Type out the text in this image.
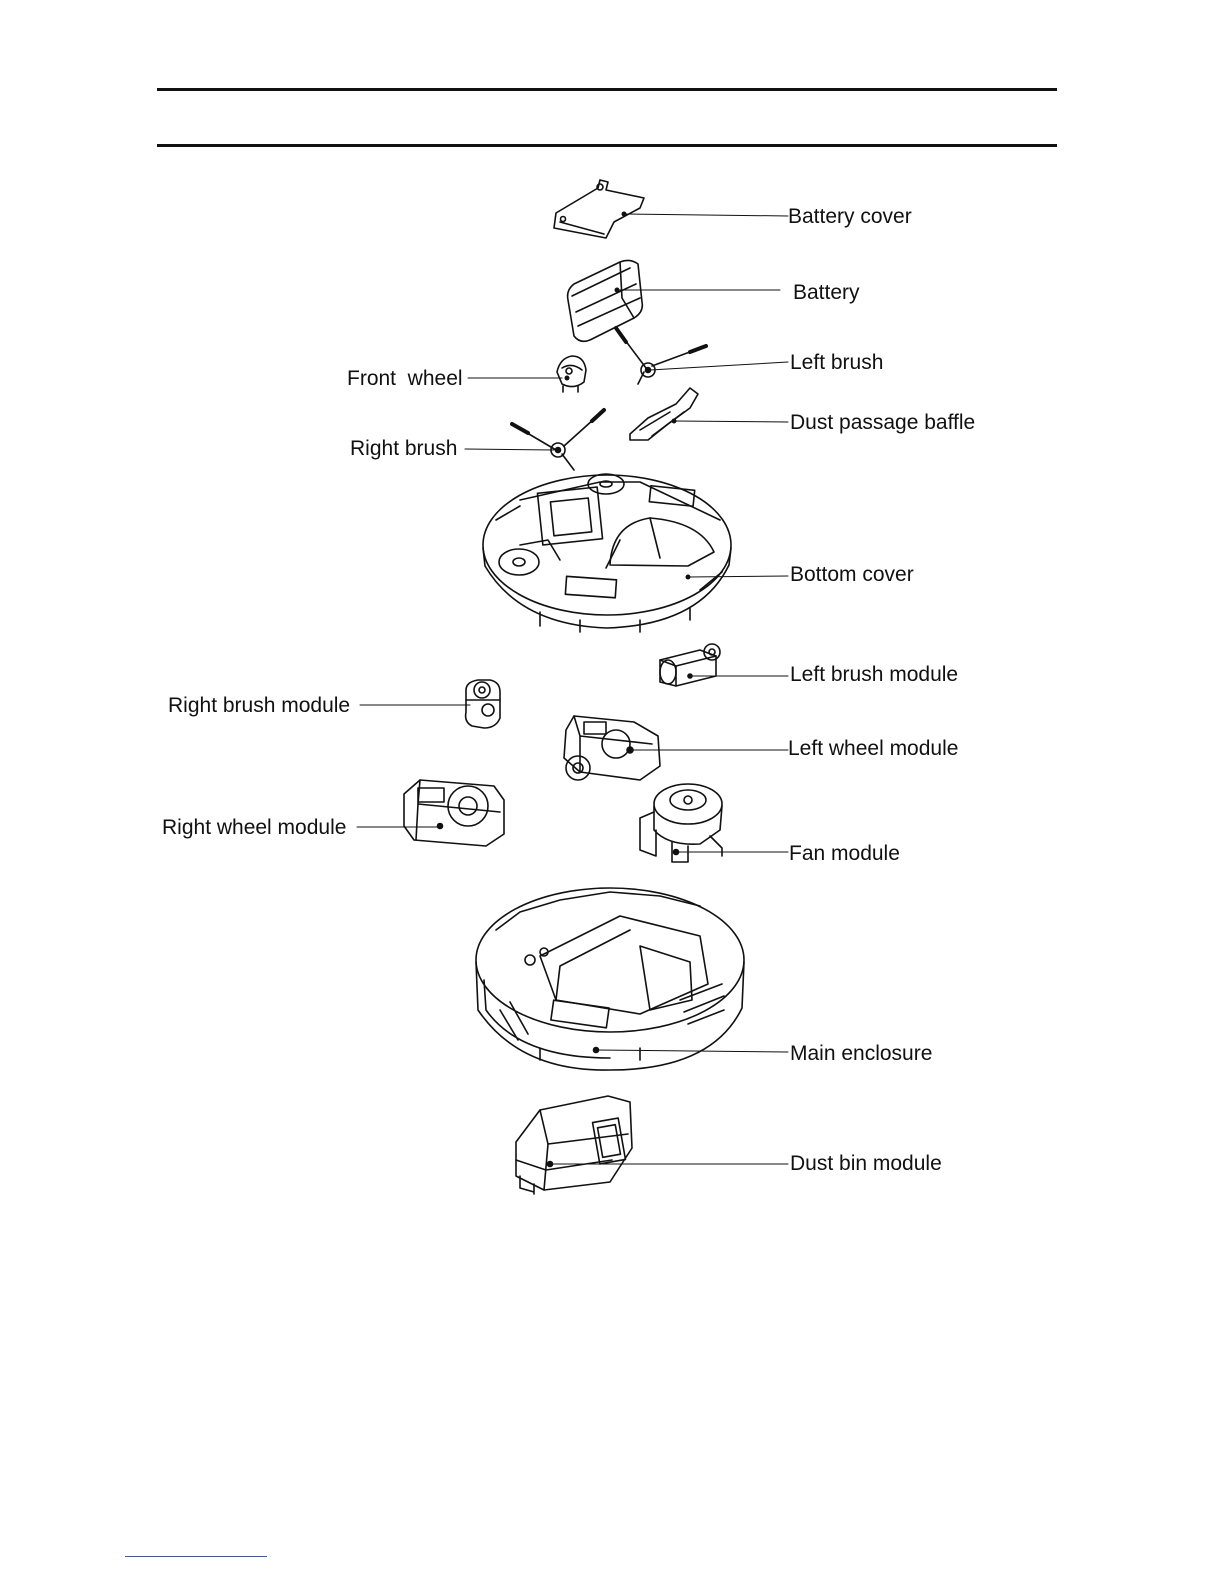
Battery cover
Battery
Left brush
Front  wheel
Dust passage baffle
Right brush
Bottom cover
Left brush module
Right brush module
Left wheel module
Right wheel module
Fan module
Main enclosure
Dust bin module
